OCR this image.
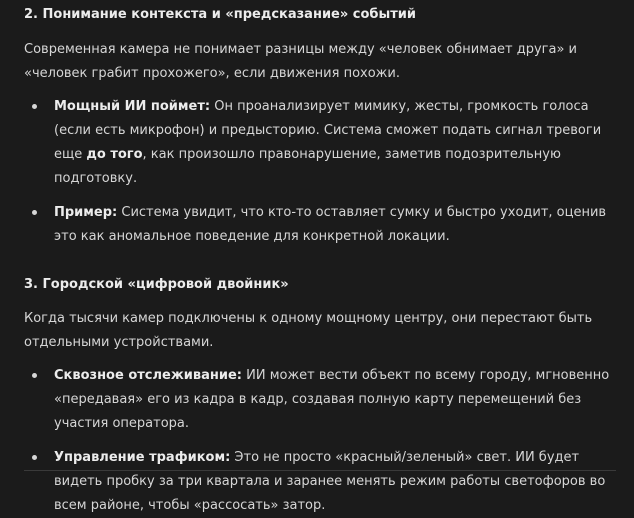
2. Понимание контекста и «предсказание» событий

Современная камера не понимает разницы между «человек обнимает друга» и «человек грабит прохожего», если движения похожи.

Мощный ИИ поймет: Он проанализирует мимику, жесты, громкость голоса (если есть микрофон) и предысторию. Система сможет подать сигнал тревоги еще до того, как произошло правонарушение, заметив подозрительную подготовку.
Пример: Система увидит, что кто-то оставляет сумку и быстро уходит, оценив это как аномальное поведение для конкретной локации.
3. Городской «цифровой двойник»

Когда тысячи камер подключены к одному мощному центру, они перестают быть отдельными устройствами.

Сквозное отслеживание: ИИ может вести объект по всему городу, мгновенно «передавая» его из кадра в кадр, создавая полную карту перемещений без участия оператора.
Управление трафиком: Это не просто «красный/зеленый» свет. ИИ будет видеть пробку за три квартала и заранее менять режим работы светофоров во всем районе, чтобы «рассосать» затор.
